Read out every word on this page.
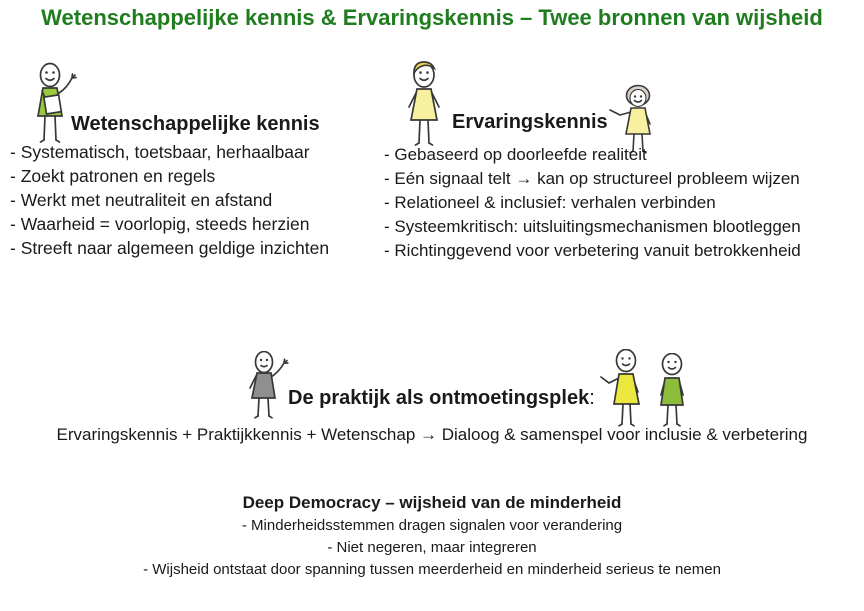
Wetenschappelijke kennis & Ervaringskennis – Twee bronnen van wijsheid
Wetenschappelijke kennis
- Systematisch, toetsbaar, herhaalbaar
- Zoekt patronen en regels
- Werkt met neutraliteit en afstand
- Waarheid = voorlopig, steeds herzien
- Streeft naar algemeen geldige inzichten
Ervaringskennis
- Gebaseerd op doorleefde realiteit
- Eén signaal telt → kan op structureel probleem wijzen
- Relationeel & inclusief: verhalen verbinden
- Systeemkritisch: uitsluitingsmechanismen blootleggen
- Richtinggevend voor verbetering vanuit betrokkenheid
De praktijk als ontmoetingsplek:
Ervaringskennis + Praktijkkennis + Wetenschap → Dialoog & samenspel voor inclusie & verbetering
Deep Democracy – wijsheid van de minderheid
- Minderheidsstemmen dragen signalen voor verandering
- Niet negeren, maar integreren
- Wijsheid ontstaat door spanning tussen meerderheid en minderheid serieus te nemen
